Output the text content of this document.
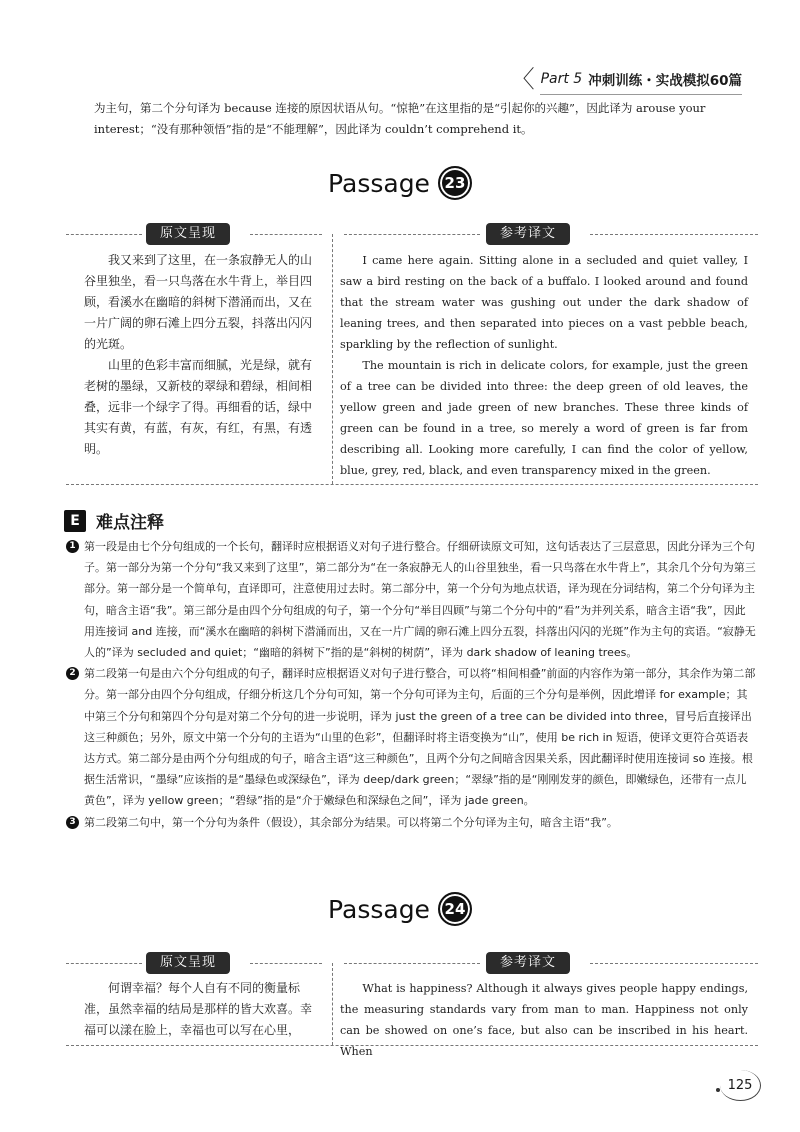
〈 Part 5 冲刺训练・实战模拟60篇
为主句，第二个分句译为 because 连接的原因状语从句。“惊艳”在这里指的是“引起你的兴趣”，因此译为 arouse your interest；“没有那种领悟”指的是“不能理解”，因此译为 couldn’t comprehend it。
Passage 23
原文呈现	参考译文

我又来到了这里，在一条寂静无人的山谷里独坐，看一只鸟落在水牛背上，举目四顾，看溪水在幽暗的斜树下潜涌而出，又在一片广阔的卵石滩上四分五裂，抖落出闪闪的光斑。

山里的色彩丰富而细腻，光是绿，就有老树的墨绿，又新枝的翠绿和碧绿，相间相叠，远非一个绿字了得。再细看的话，绿中其实有黄，有蓝，有灰，有红，有黑，有透明。

I came here again. Sitting alone in a secluded and quiet valley, I saw a bird resting on the back of a buffalo. I looked around and found that the stream water was gushing out under the dark shadow of leaning trees, and then separated into pieces on a vast pebble beach, sparkling by the reflection of sunlight.

The mountain is rich in delicate colors, for example, just the green of a tree can be divided into three: the deep green of old leaves, the yellow green and jade green of new branches. These three kinds of green can be found in a tree, so merely a word of green is far from describing all. Looking more carefully, I can find the color of yellow, blue, grey, red, black, and even transparency mixed in the green.

E 难点注释

1 第一段是由七个分句组成的一个长句，翻译时应根据语义对句子进行整合。仔细研读原文可知，这句话表达了三层意思，因此分译为三个句子。第一部分为第一个分句“我又来到了这里”，第二部分为“在一条寂静无人的山谷里独坐，看一只鸟落在水牛背上”，其余几个分句为第三部分。第一部分是一个简单句，直译即可，注意使用过去时。第二部分中，第一个分句为地点状语，译为现在分词结构，第二个分句译为主句，暗含主语“我”。第三部分是由四个分句组成的句子，第一个分句“举目四顾”与第二个分句中的“看”为并列关系，暗含主语“我”，因此用连接词 and 连接，而“溪水在幽暗的斜树下潜涌而出，又在一片广阔的卵石滩上四分五裂，抖落出闪闪的光斑”作为主句的宾语。“寂静无人的”译为 secluded and quiet；“幽暗的斜树下”指的是“斜树的树荫”，译为 dark shadow of leaning trees。

2 第二段第一句是由六个分句组成的句子，翻译时应根据语义对句子进行整合，可以将“相间相叠”前面的内容作为第一部分，其余作为第二部分。第一部分由四个分句组成，仔细分析这几个分句可知，第一个分句可译为主句，后面的三个分句是举例，因此增译 for example；其中第三个分句和第四个分句是对第二个分句的进一步说明，译为 just the green of a tree can be divided into three，冒号后直接译出这三种颜色；另外，原文中第一个分句的主语为“山里的色彩”，但翻译时将主语变换为“山”，使用 be rich in 短语，使译文更符合英语表达方式。第二部分是由两个分句组成的句子，暗含主语“这三种颜色”，且两个分句之间暗含因果关系，因此翻译时使用连接词 so 连接。根据生活常识，“墨绿”应该指的是“墨绿色或深绿色”，译为 deep/dark green；“翠绿”指的是“刚刚发芽的颜色，即嫩绿色，还带有一点儿黄色”，译为 yellow green；“碧绿”指的是“介于嫩绿色和深绿色之间”，译为 jade green。

3 第二段第二句中，第一个分句为条件（假设），其余部分为结果。可以将第二个分句译为主句，暗含主语“我”。

Passage 24
原文呈现	参考译文

何谓幸福？每个人自有不同的衡量标准，虽然幸福的结局是那样的皆大欢喜。幸福可以漾在脸上，幸福也可以写在心里，

What is happiness? Although it always gives people happy endings, the measuring standards vary from man to man. Happiness not only can be showed on one’s face, but also can be inscribed in his heart. When

125
